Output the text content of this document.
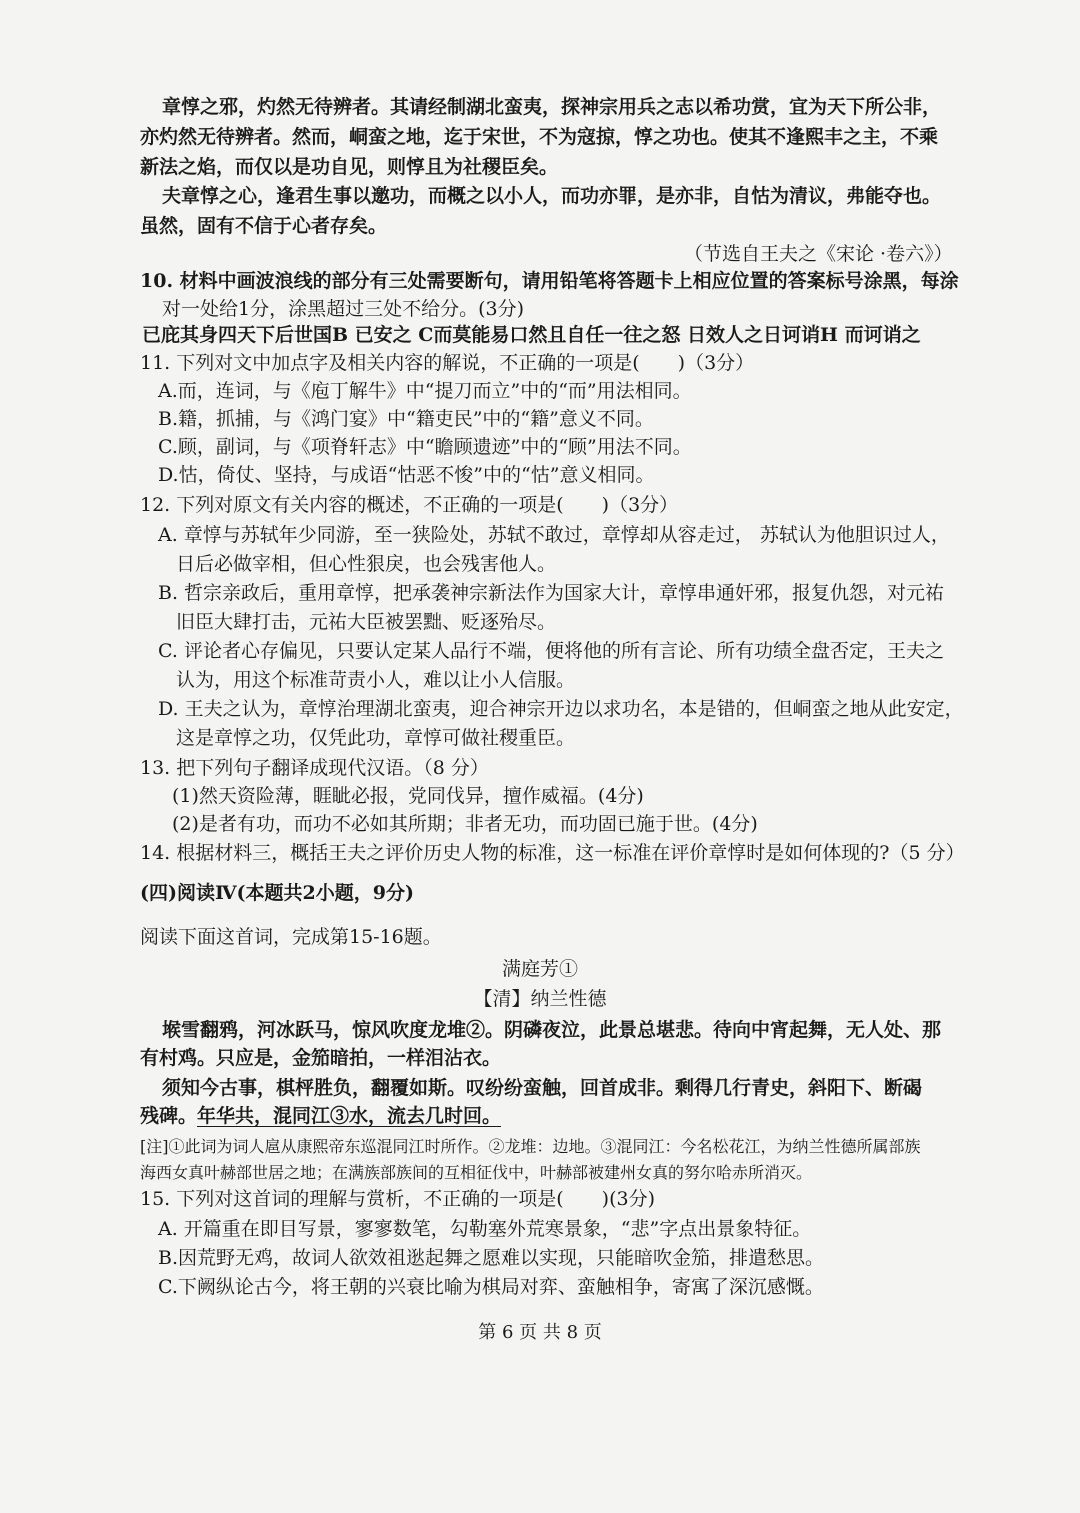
章惇之邪，灼然无待辨者。其请经制湖北蛮夷，探神宗用兵之志以希功赏，宜为天下所公非，
亦灼然无待辨者。然而，峒蛮之地，迄于宋世，不为寇掠，惇之功也。使其不逢熙丰之主，不乘
新法之焰，而仅以是功自见，则惇且为社稷臣矣。
夫章惇之心，逢君生事以邀功，而概之以小人，而功亦罪，是亦非，自怙为清议，弗能夺也。
虽然，固有不信于心者存矣。
（节选自王夫之《宋论 ·卷六》）
10. 材料中画波浪线的部分有三处需要断句，请用铅笔将答题卡上相应位置的答案标号涂黑，每涂
对一处给1分，涂黑超过三处不给分。(3分)
已庇其身四天下后世国B 已安之 C而莫能易口然且自任一往之怒 日效人之日诃诮H 而诃诮之
11. 下列对文中加点字及相关内容的解说，不正确的一项是(　　)（3分）
A.而，连词，与《庖丁解牛》中“提刀而立”中的“而”用法相同。
B.籍，抓捕，与《鸿门宴》中“籍吏民”中的“籍”意义不同。
C.顾，副词，与《项脊轩志》中“瞻顾遗迹”中的“顾”用法不同。
D.怙，倚仗、坚持，与成语“怙恶不悛”中的“怙”意义相同。
12. 下列对原文有关内容的概述，不正确的一项是(　　)（3分）
A. 章惇与苏轼年少同游，至一狭险处，苏轼不敢过，章惇却从容走过， 苏轼认为他胆识过人，
日后必做宰相，但心性狠戾，也会残害他人。
B. 哲宗亲政后，重用章惇，把承袭神宗新法作为国家大计，章惇串通奸邪，报复仇怨，对元祐
旧臣大肆打击，元祐大臣被罢黜、贬逐殆尽。
C. 评论者心存偏见，只要认定某人品行不端，便将他的所有言论、所有功绩全盘否定，王夫之
认为，用这个标准苛责小人，难以让小人信服。
D. 王夫之认为，章惇治理湖北蛮夷，迎合神宗开边以求功名，本是错的，但峒蛮之地从此安定，
这是章惇之功，仅凭此功，章惇可做社稷重臣。
13. 把下列句子翻译成现代汉语。（8 分）
(1)然天资险薄，睚眦必报，党同伐异，擅作威福。(4分)
(2)是者有功，而功不必如其所期；非者无功，而功固已施于世。(4分)
14. 根据材料三，概括王夫之评价历史人物的标准，这一标准在评价章惇时是如何体现的?（5 分）
(四)阅读Ⅳ(本题共2小题，9分)
阅读下面这首词，完成第15-16题。
满庭芳①
【清】纳兰性德
堠雪翻鸦，河冰跃马，惊风吹度龙堆②。阴磷夜泣，此景总堪悲。待向中宵起舞，无人处、那
有村鸡。只应是，金笳暗拍，一样泪沾衣。
须知今古事，棋枰胜负，翻覆如斯。叹纷纷蛮触，回首成非。剩得几行青史，斜阳下、断碣
残碑。年华共，混同江③水，流去几时回。
[注]①此词为词人扈从康熙帝东巡混同江时所作。②龙堆：边地。③混同江：今名松花江，为纳兰性德所属部族
海西女真叶赫部世居之地；在满族部族间的互相征伐中，叶赫部被建州女真的努尔哈赤所消灭。
15. 下列对这首词的理解与赏析，不正确的一项是(　　)(3分)
A. 开篇重在即目写景，寥寥数笔，勾勒塞外荒寒景象，“悲”字点出景象特征。
B.因荒野无鸡，故词人欲效祖逖起舞之愿难以实现，只能暗吹金笳，排遣愁思。
C.下阙纵论古今，将王朝的兴衰比喻为棋局对弈、蛮触相争，寄寓了深沉感慨。
第 6 页 共 8 页
